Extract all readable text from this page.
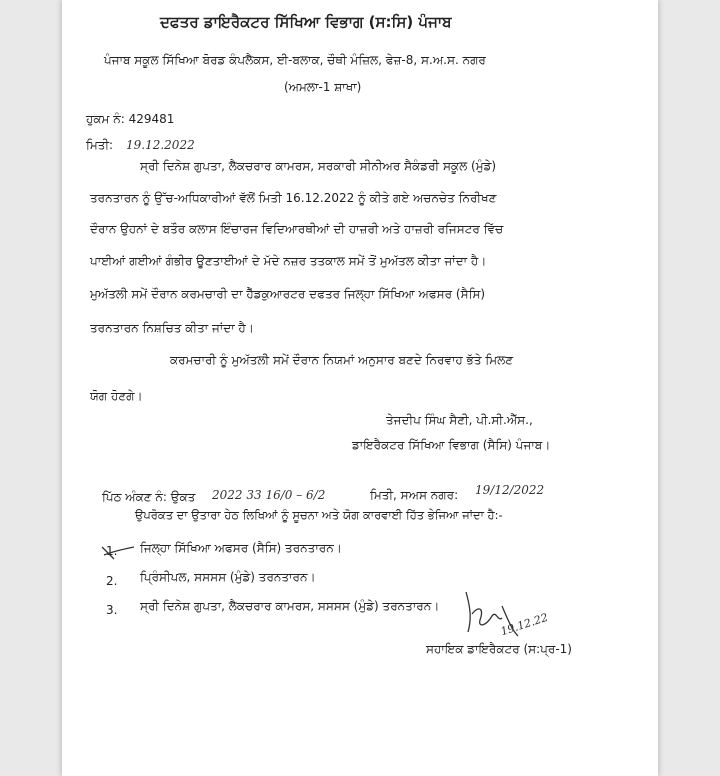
ਦਫਤਰ ਡਾਇਰੈਕਟਰ ਸਿੱਖਿਆ ਵਿਭਾਗ (ਸ:ਸਿ) ਪੰਜਾਬ
ਪੰਜਾਬ ਸਕੂਲ ਸਿੱਖਿਆ ਬੋਰਡ ਕੰਪਲੈਕਸ, ਈ-ਬਲਾਕ, ਚੌਥੀ ਮੰਜ਼ਿਲ, ਫੇਜ਼-8, ਸ.ਅ.ਸ. ਨਗਰ
(ਅਮਲਾ-1 ਸ਼ਾਖਾ)
ਹੁਕਮ ਨੰ: 429481
ਮਿਤੀ: 19.12.2022
ਸ੍ਰੀ ਦਿਨੇਸ਼ ਗੁਪਤਾ, ਲੈਕਚਰਾਰ ਕਾਮਰਸ, ਸਰਕਾਰੀ ਸੀਨੀਅਰ ਸੈਕੰਡਰੀ ਸਕੂਲ (ਮੁੰਡੇ)
ਤਰਨਤਾਰਨ ਨੂੰ ਉੱਚ-ਅਧਿਕਾਰੀਆਂ ਵੱਲੋਂ ਮਿਤੀ 16.12.2022 ਨੂੰ ਕੀਤੇ ਗਏ ਅਚਨਚੇਤ ਨਿਰੀਖਣ
ਦੌਰਾਨ ਉਹਨਾਂ ਦੇ ਬਤੌਰ ਕਲਾਸ ਇੰਚਾਰਜ ਵਿਦਿਆਰਥੀਆਂ ਦੀ ਹਾਜ਼ਰੀ ਅਤੇ ਹਾਜ਼ਰੀ ਰਜਿਸਟਰ ਵਿੱਚ
ਪਾਈਆਂ ਗਈਆਂ ਗੰਭੀਰ ਊਣਤਾਈਆਂ ਦੇ ਮੱਦੇ ਨਜ਼ਰ ਤਤਕਾਲ ਸਮੇਂ ਤੋਂ ਮੁਅੱਤਲ ਕੀਤਾ ਜਾਂਦਾ ਹੈ।
ਮੁਅੱਤਲੀ ਸਮੇਂ ਦੌਰਾਨ ਕਰਮਚਾਰੀ ਦਾ ਹੈੱਡਕੁਆਰਟਰ ਦਫਤਰ ਜਿਲ੍ਹਾ ਸਿੱਖਿਆ ਅਫਸਰ (ਸੈਸਿ)
ਤਰਨਤਾਰਨ ਨਿਸ਼ਚਿਤ ਕੀਤਾ ਜਾਂਦਾ ਹੈ।
ਕਰਮਚਾਰੀ ਨੂੰ ਮੁਅੱਤਲੀ ਸਮੇਂ ਦੌਰਾਨ ਨਿਯਮਾਂ ਅਨੁਸਾਰ ਬਣਦੇ ਨਿਰਵਾਹ ਭੱਤੇ ਮਿਲਣ
ਯੋਗ ਹੋਣਗੇ।
ਤੇਜਦੀਪ ਸਿੰਘ ਸੈਣੀ, ਪੀ.ਸੀ.ਐੱਸ.,
ਡਾਇਰੈਕਟਰ ਸਿੱਖਿਆ ਵਿਭਾਗ (ਸੈਸਿ) ਪੰਜਾਬ।
ਪਿੱਠ ਅੰਕਣ ਨੰ: ਉਕਤ 2022 33 16/0 – 6/2	ਮਿਤੀ, ਸਅਸ ਨਗਰ: 19/12/2022
ਉਪਰੋਕਤ ਦਾ ਉਤਾਰਾ ਹੇਠ ਲਿਖਿਆਂ ਨੂੰ ਸੂਚਨਾ ਅਤੇ ਯੋਗ ਕਾਰਵਾਈ ਹਿੱਤ ਭੇਜਿਆ ਜਾਂਦਾ ਹੈ:-
1. ਜਿਲ੍ਹਾ ਸਿੱਖਿਆ ਅਫਸਰ (ਸੈਸਿ) ਤਰਨਤਾਰਨ।
2. ਪ੍ਰਿੰਸੀਪਲ, ਸਸਸਸ (ਮੁੰਡੇ) ਤਰਨਤਾਰਨ।
3. ਸ੍ਰੀ ਦਿਨੇਸ਼ ਗੁਪਤਾ, ਲੈਕਚਰਾਰ ਕਾਮਰਸ, ਸਸਸਸ (ਮੁੰਡੇ) ਤਰਨਤਾਰਨ।
19.12.22
ਸਹਾਇਕ ਡਾਇਰੈਕਟਰ (ਸ:ਪ੍ਰ-1)
